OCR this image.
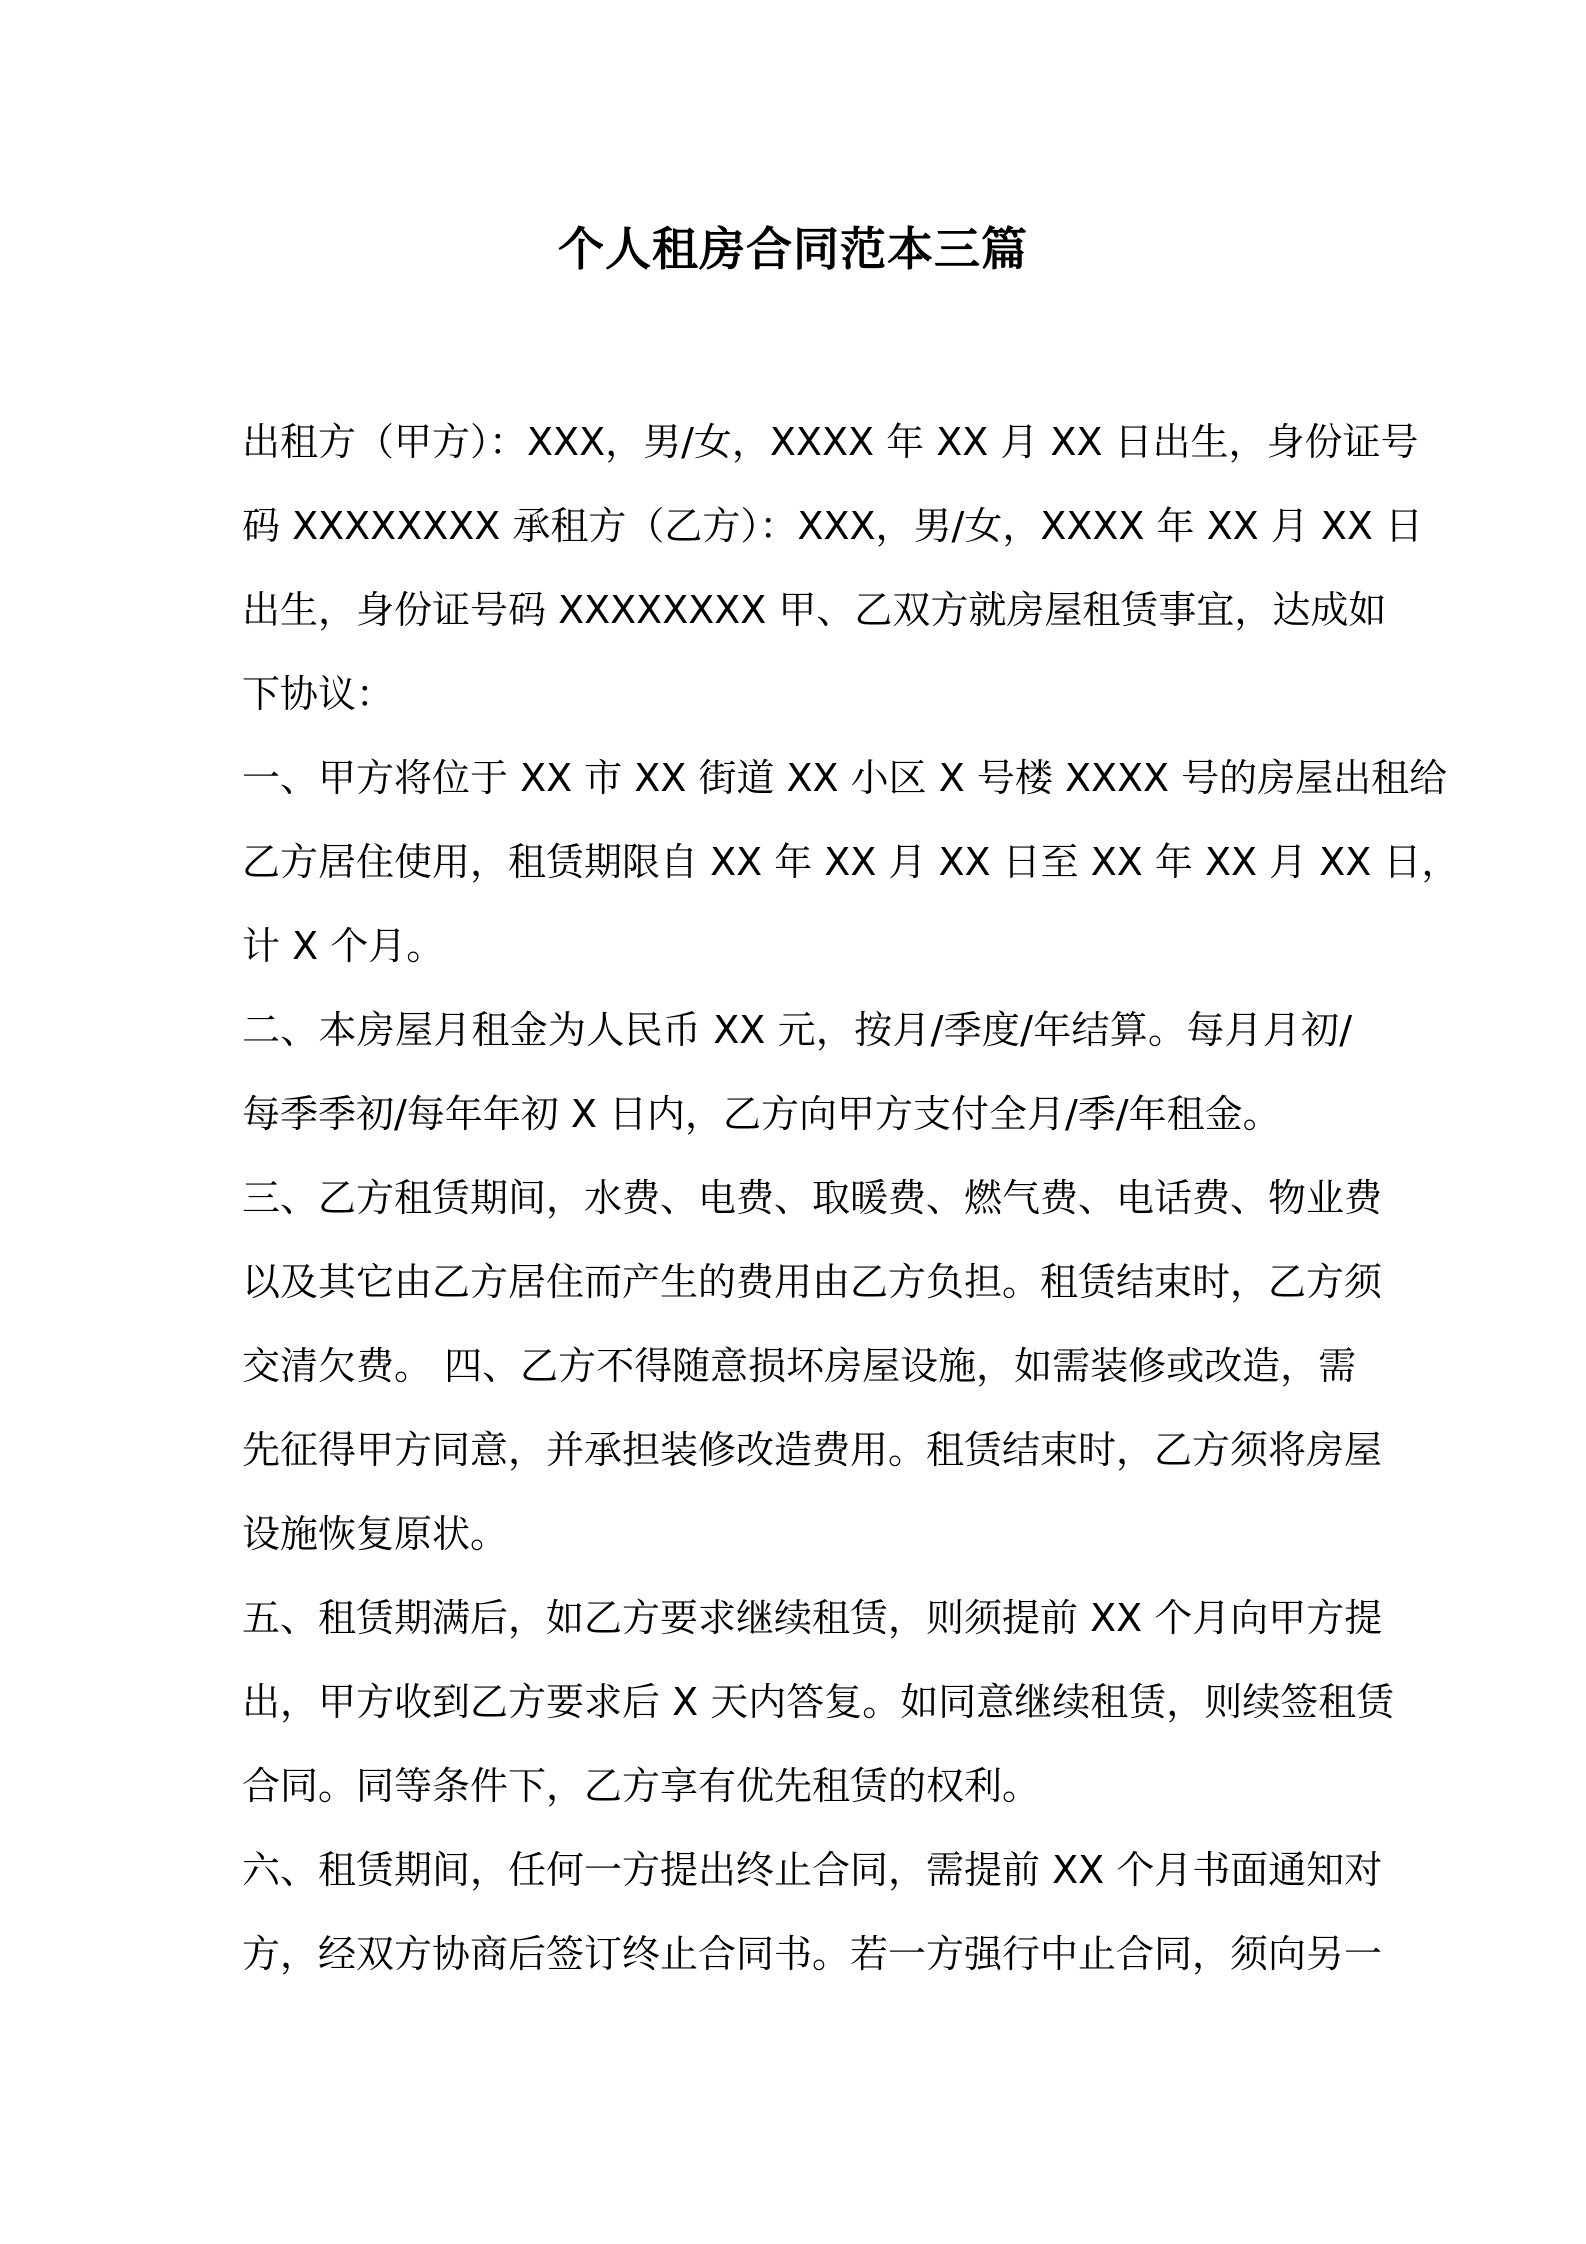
个人租房合同范本三篇
出租方（甲方）：XXX，男/女，XXXX 年 XX 月 XX 日出生，身份证号
码 XXXXXXXX 承租方（乙方）：XXX，男/女，XXXX 年 XX 月 XX 日
出生，身份证号码 XXXXXXXX 甲、乙双方就房屋租赁事宜，达成如
下协议：
一、甲方将位于 XX 市 XX 街道 XX 小区 X 号楼 XXXX 号的房屋出租给
乙方居住使用，租赁期限自 XX 年 XX 月 XX 日至 XX 年 XX 月 XX 日，
计 X 个月。
二、本房屋月租金为人民币 XX 元，按月/季度/年结算。每月月初/
每季季初/每年年初 X 日内，乙方向甲方支付全月/季/年租金。
三、乙方租赁期间，水费、电费、取暖费、燃气费、电话费、物业费
以及其它由乙方居住而产生的费用由乙方负担。租赁结束时，乙方须
交清欠费。 四、乙方不得随意损坏房屋设施，如需装修或改造，需
先征得甲方同意，并承担装修改造费用。租赁结束时，乙方须将房屋
设施恢复原状。
五、租赁期满后，如乙方要求继续租赁，则须提前 XX 个月向甲方提
出，甲方收到乙方要求后 X 天内答复。如同意继续租赁，则续签租赁
合同。同等条件下，乙方享有优先租赁的权利。
六、租赁期间，任何一方提出终止合同，需提前 XX 个月书面通知对
方，经双方协商后签订终止合同书。若一方强行中止合同，须向另一
